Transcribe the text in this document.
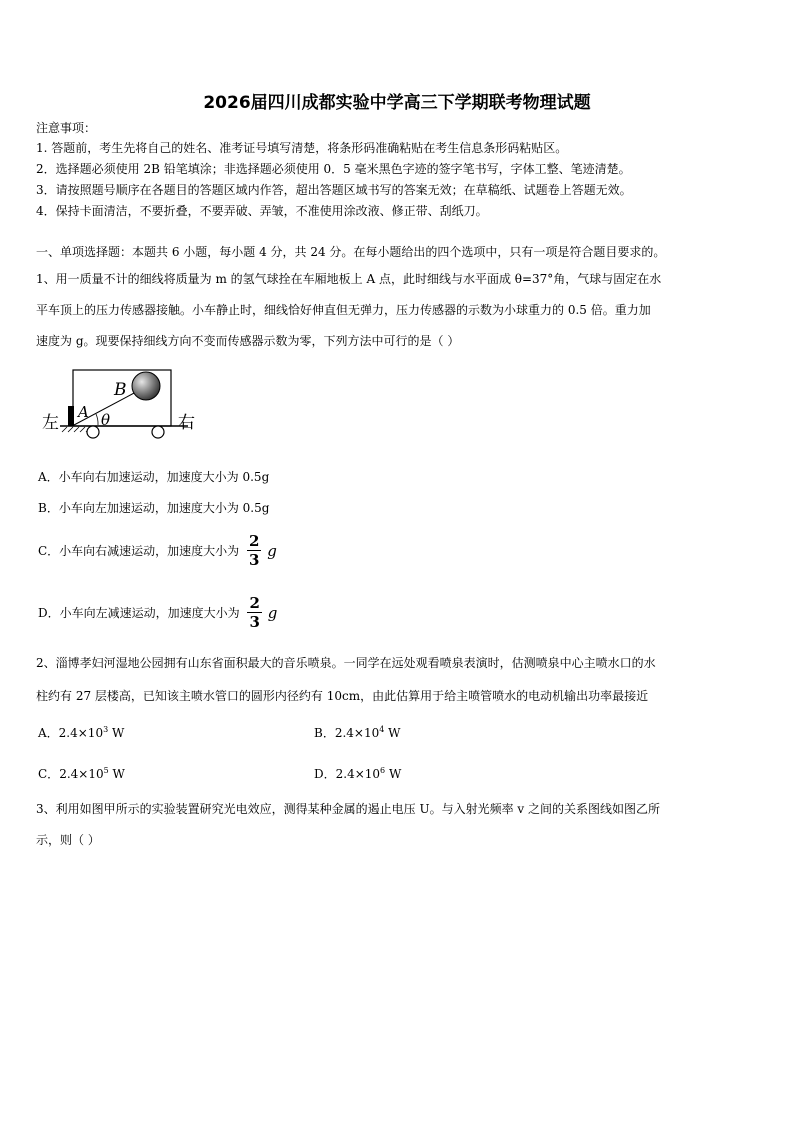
2026届四川成都实验中学高三下学期联考物理试题
注意事项：
1. 答题前，考生先将自己的姓名、准考证号填写清楚，将条形码准确粘贴在考生信息条形码粘贴区。
2．选择题必须使用 2B 铅笔填涂；非选择题必须使用 0．5 毫米黑色字迹的签字笔书写，字体工整、笔迹清楚。
3．请按照题号顺序在各题目的答题区域内作答，超出答题区域书写的答案无效；在草稿纸、试题卷上答题无效。
4．保持卡面清洁，不要折叠，不要弄破、弄皱，不准使用涂改液、修正带、刮纸刀。
一、单项选择题：本题共 6 小题，每小题 4 分，共 24 分。在每小题给出的四个选项中，只有一项是符合题目要求的。
1、用一质量不计的细线将质量为 m 的氢气球拴在车厢地板上 A 点，此时细线与水平面成 θ=37°角，气球与固定在水
平车顶上的压力传感器接触。小车静止时，细线恰好伸直但无弹力，压力传感器的示数为小球重力的 0.5 倍。重力加
速度为 g。现要保持细线方向不变而传感器示数为零，下列方法中可行的是（ ）
左	右
B
A θ
A．小车向右加速运动，加速度大小为 0.5g
B．小车向左加速运动，加速度大小为 0.5g
C．小车向右减速运动，加速度大小为 $\frac{2}{3}$ g
D．小车向左减速运动，加速度大小为 $\frac{2}{3}$ g
2、淄博孝妇河湿地公园拥有山东省面积最大的音乐喷泉。一同学在远处观看喷泉表演时，估测喷泉中心主喷水口的水
柱约有 27 层楼高，已知该主喷水管口的圆形内径约有 10cm，由此估算用于给主喷管喷水的电动机输出功率最接近
A．$2.4\times 10^3$ W	B．$2.4\times 10^4$ W
C．$2.4\times 10^5$ W	D．$2.4\times 10^6$ W
3、利用如图甲所示的实验装置研究光电效应，测得某种金属的遏止电压 U。与入射光频率 v 之间的关系图线如图乙所
示，则（ ）
